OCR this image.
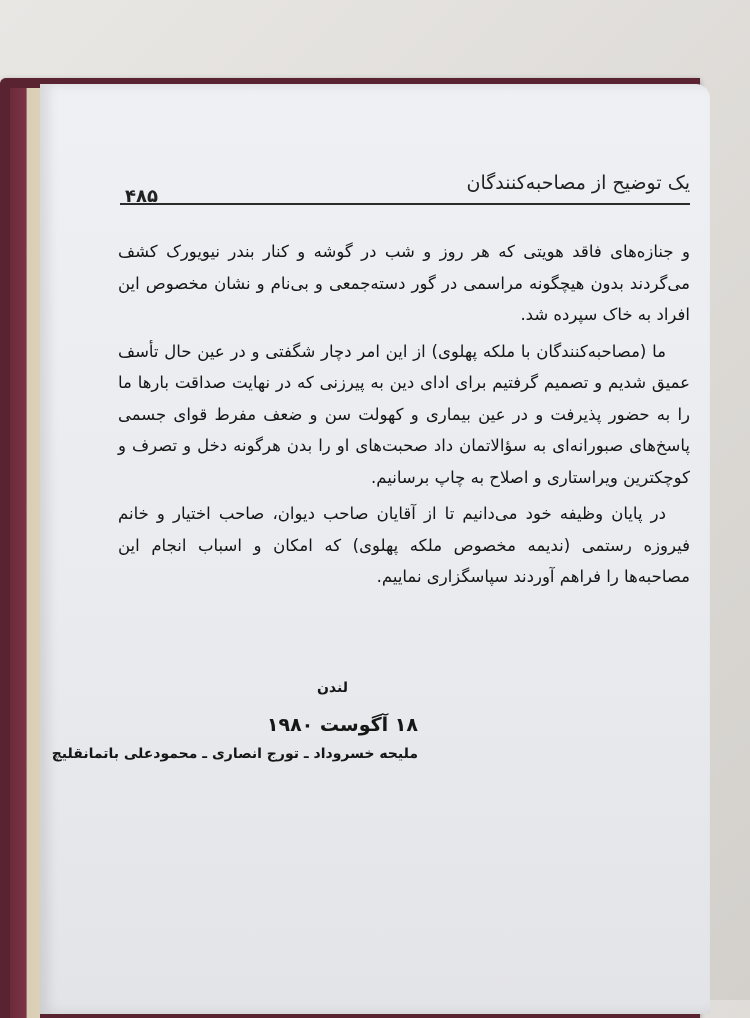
یک توضیح از مصاحبه‌کنندگان
۴۸۵

و جنازه‌های فاقد هویتی که هر روز و شب در گوشه و کنار بندر نیویورک کشف می‌گردند بدون هیچگونه مراسمی در گور دسته‌جمعی و بی‌نام و نشان مخصوص این افراد به خاک سپرده شد.

ما (مصاحبه‌کنندگان با ملکه پهلوی) از این امر دچار شگفتی و در عین حال تأسف عمیق شدیم و تصمیم گرفتیم برای ادای دین به پیرزنی که در نهایت صداقت بارها ما را به حضور پذیرفت و در عین بیماری و کهولت سن و ضعف مفرط قوای جسمی پاسخ‌های صبورانه‌ای به سؤالاتمان داد صحبت‌های او را بدن هرگونه دخل و تصرف و کوچکترین ویراستاری و اصلاح به چاپ برسانیم.

در پایان وظیفه خود می‌دانیم تا از آقایان صاحب دیوان، صاحب اختیار و خانم فیروزه رستمی (ندیمه مخصوص ملکه پهلوی) که امکان و اسباب انجام این مصاحبه‌ها را فراهم آوردند سپاسگزاری نماییم.

لندن
۱۸ آگوست ۱۹۸۰
ملیحه خسروداد ـ تورج انصاری ـ محمودعلی باتمانقلیچ
